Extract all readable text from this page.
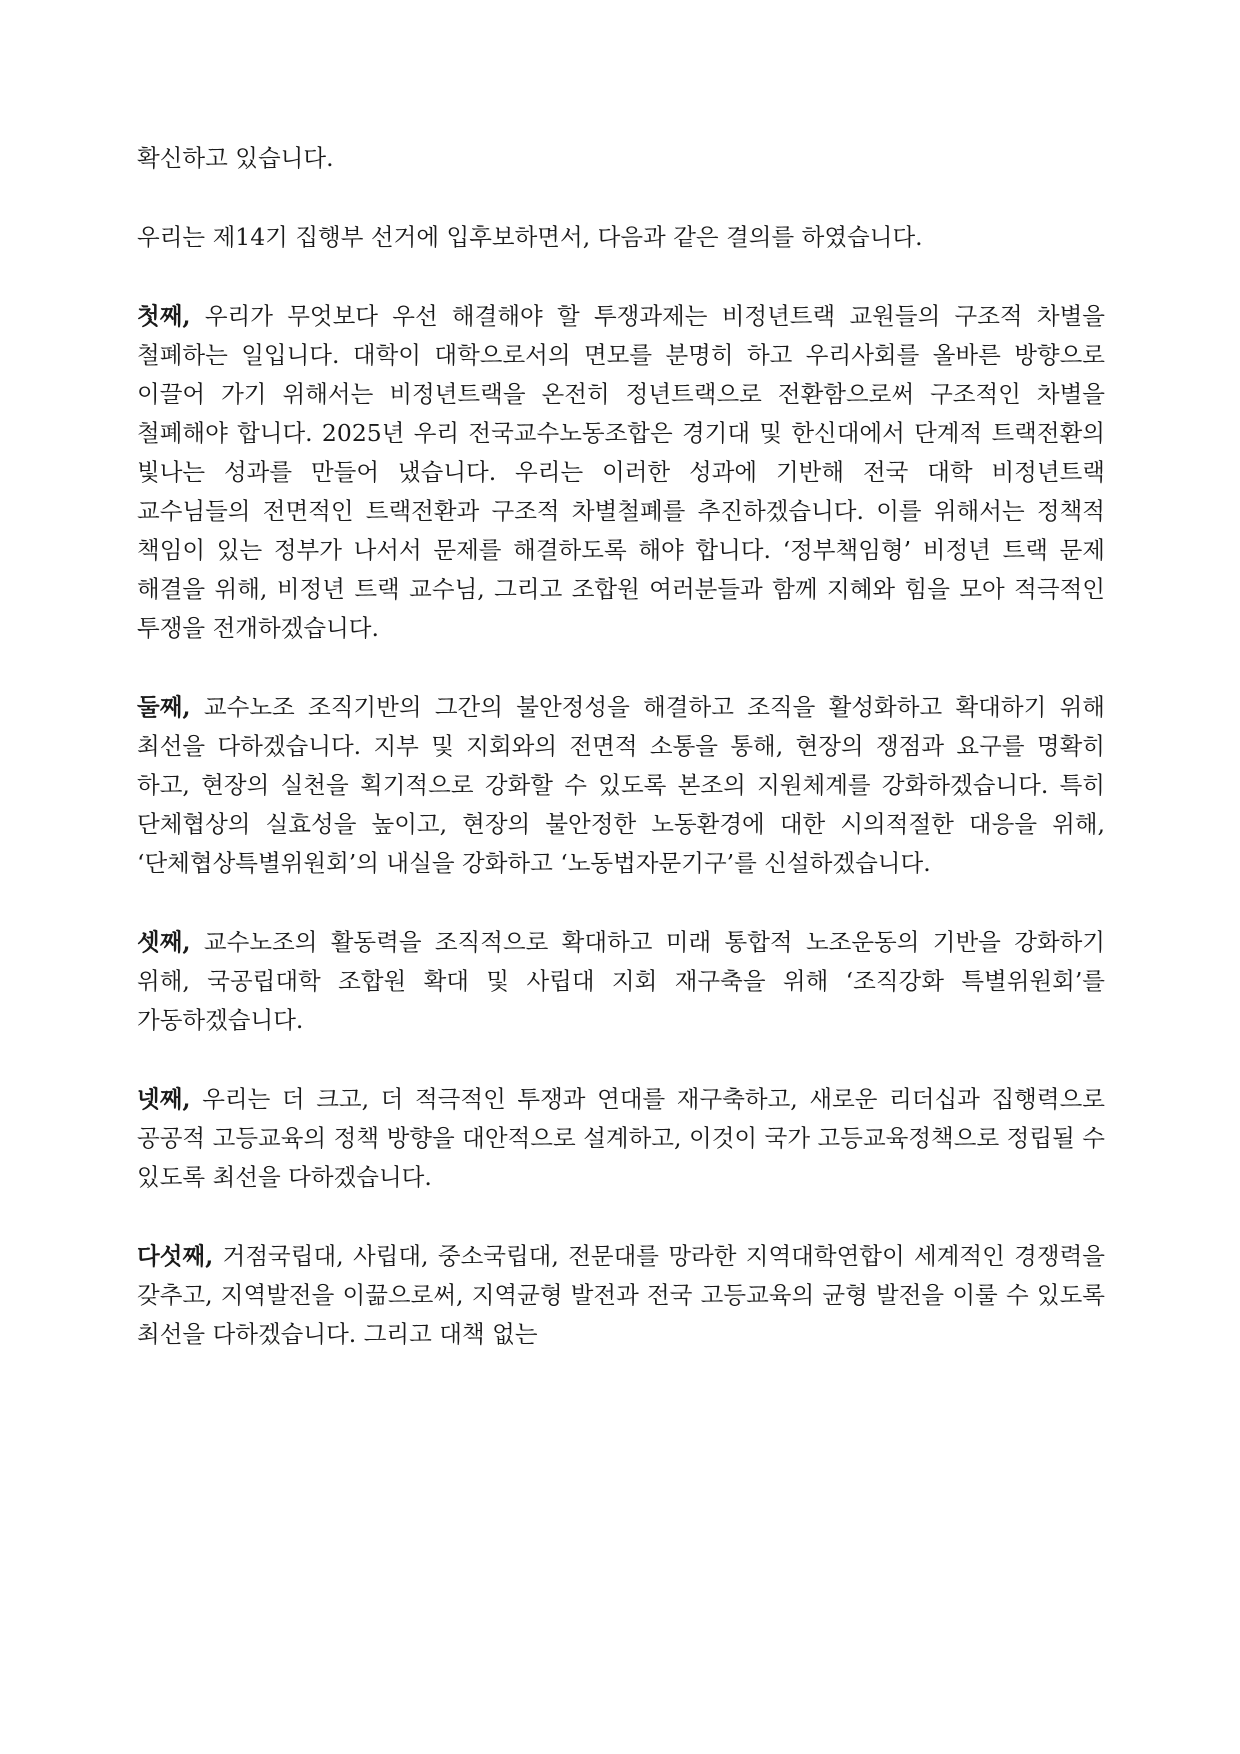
확신하고 있습니다.

우리는 제14기 집행부 선거에 입후보하면서, 다음과 같은 결의를 하였습니다.

첫째, 우리가 무엇보다 우선 해결해야 할 투쟁과제는 비정년트랙 교원들의 구조적 차별을 철폐하는 일입니다. 대학이 대학으로서의 면모를 분명히 하고 우리사회를 올바른 방향으로 이끌어 가기 위해서는 비정년트랙을 온전히 정년트랙으로 전환함으로써 구조적인 차별을 철폐해야 합니다. 2025년 우리 전국교수노동조합은 경기대 및 한신대에서 단계적 트랙전환의 빛나는 성과를 만들어 냈습니다. 우리는 이러한 성과에 기반해 전국 대학 비정년트랙 교수님들의 전면적인 트랙전환과 구조적 차별철폐를 추진하겠습니다. 이를 위해서는 정책적 책임이 있는 정부가 나서서 문제를 해결하도록 해야 합니다. ‘정부책임형’ 비정년 트랙 문제 해결을 위해, 비정년 트랙 교수님, 그리고 조합원 여러분들과 함께 지혜와 힘을 모아 적극적인 투쟁을 전개하겠습니다.

둘째, 교수노조 조직기반의 그간의 불안정성을 해결하고 조직을 활성화하고 확대하기 위해 최선을 다하겠습니다. 지부 및 지회와의 전면적 소통을 통해, 현장의 쟁점과 요구를 명확히 하고, 현장의 실천을 획기적으로 강화할 수 있도록 본조의 지원체계를 강화하겠습니다. 특히 단체협상의 실효성을 높이고, 현장의 불안정한 노동환경에 대한 시의적절한 대응을 위해, ‘단체협상특별위원회’의 내실을 강화하고 ‘노동법자문기구’를 신설하겠습니다.

셋째, 교수노조의 활동력을 조직적으로 확대하고 미래 통합적 노조운동의 기반을 강화하기 위해, 국공립대학 조합원 확대 및 사립대 지회 재구축을 위해 ‘조직강화 특별위원회’를 가동하겠습니다.

넷째, 우리는 더 크고, 더 적극적인 투쟁과 연대를 재구축하고, 새로운 리더십과 집행력으로 공공적 고등교육의 정책 방향을 대안적으로 설계하고, 이것이 국가 고등교육정책으로 정립될 수 있도록 최선을 다하겠습니다.

다섯째, 거점국립대, 사립대, 중소국립대, 전문대를 망라한 지역대학연합이 세계적인 경쟁력을 갖추고, 지역발전을 이끎으로써, 지역균형 발전과 전국 고등교육의 균형 발전을 이룰 수 있도록 최선을 다하겠습니다. 그리고 대책 없는
